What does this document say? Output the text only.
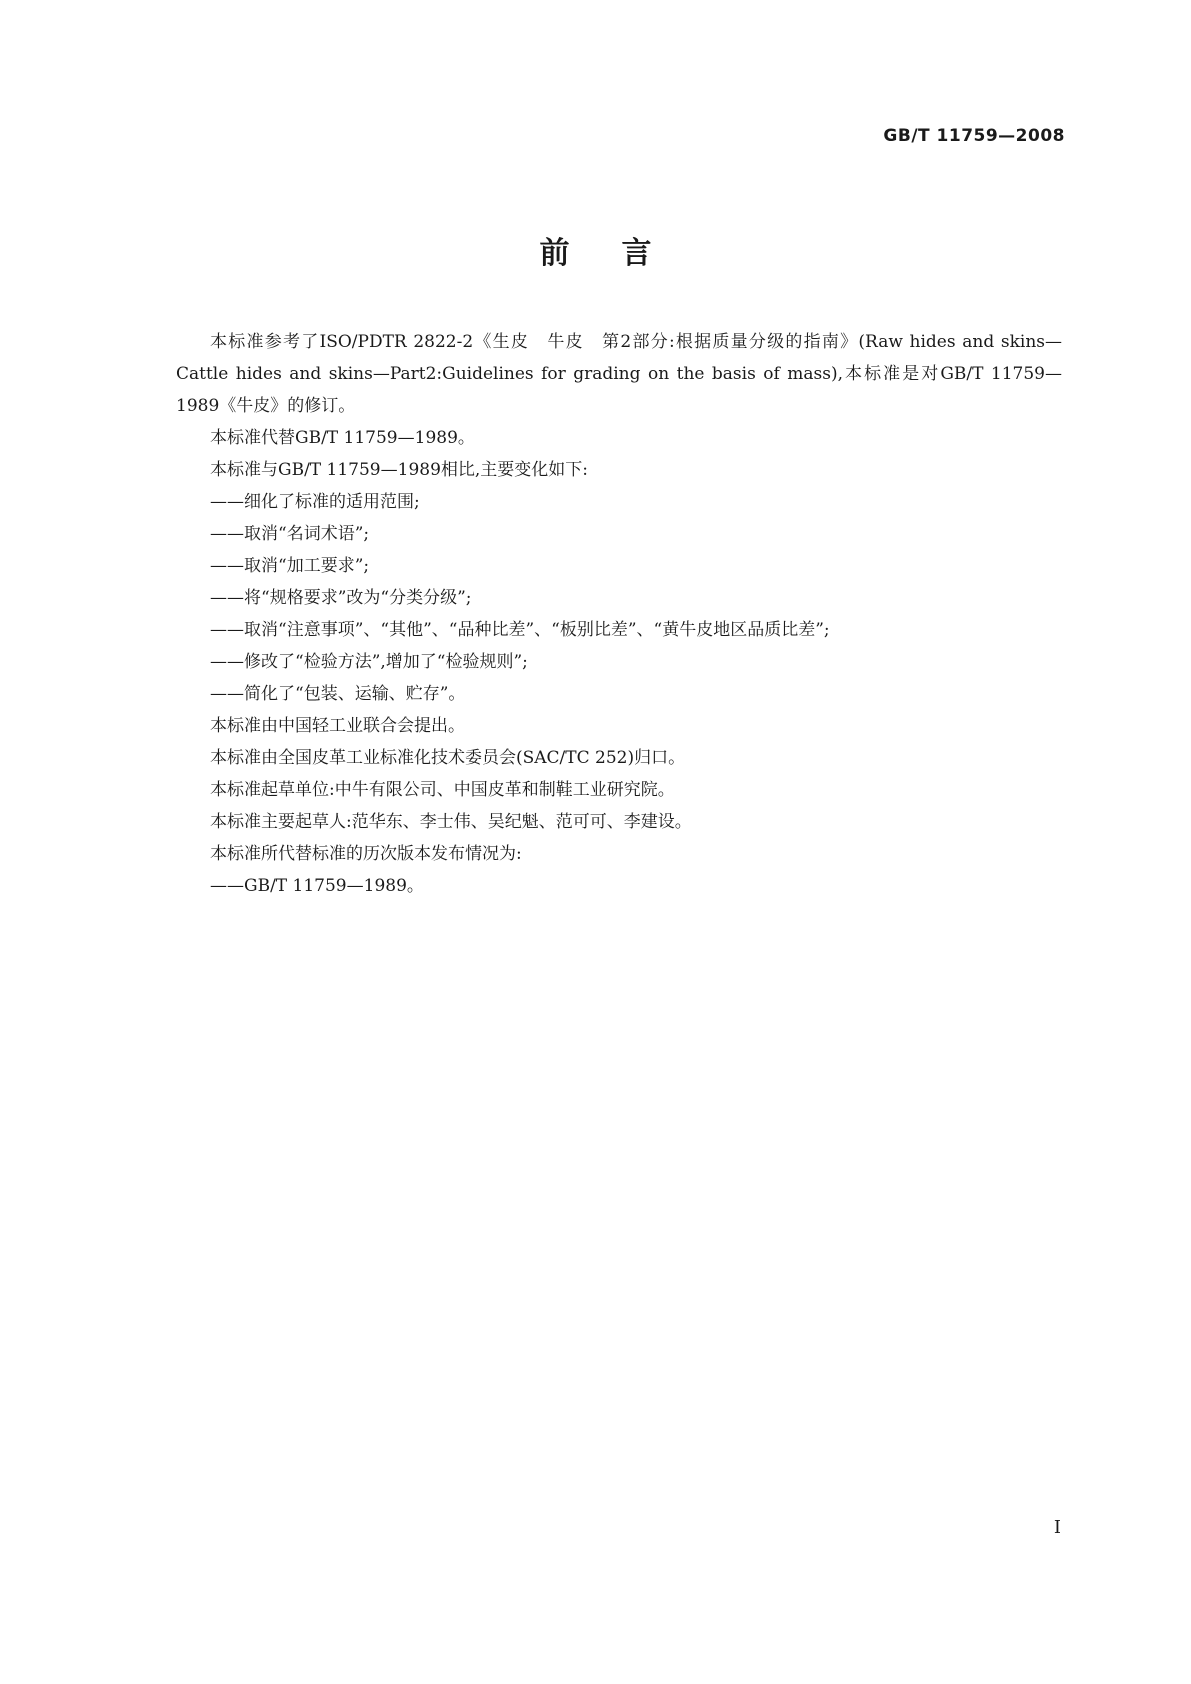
GB/T 11759—2008
前言

本标准参考了ISO/PDTR 2822-2《生皮　牛皮　第2部分:根据质量分级的指南》(Raw hides and skins—Cattle hides and skins—Part2:Guidelines for grading on the basis of mass),本标准是对GB/T 11759—1989《牛皮》的修订。

本标准代替GB/T 11759—1989。

本标准与GB/T 11759—1989相比,主要变化如下:

——细化了标准的适用范围;

——取消“名词术语”;

——取消“加工要求”;

——将“规格要求”改为“分类分级”;

——取消“注意事项”、“其他”、“品种比差”、“板别比差”、“黄牛皮地区品质比差”;

——修改了“检验方法”,增加了“检验规则”;

——简化了“包装、运输、贮存”。

本标准由中国轻工业联合会提出。

本标准由全国皮革工业标准化技术委员会(SAC/TC 252)归口。

本标准起草单位:中牛有限公司、中国皮革和制鞋工业研究院。

本标准主要起草人:范华东、李士伟、吴纪魁、范可可、李建设。

本标准所代替标准的历次版本发布情况为:

——GB/T 11759—1989。

I
